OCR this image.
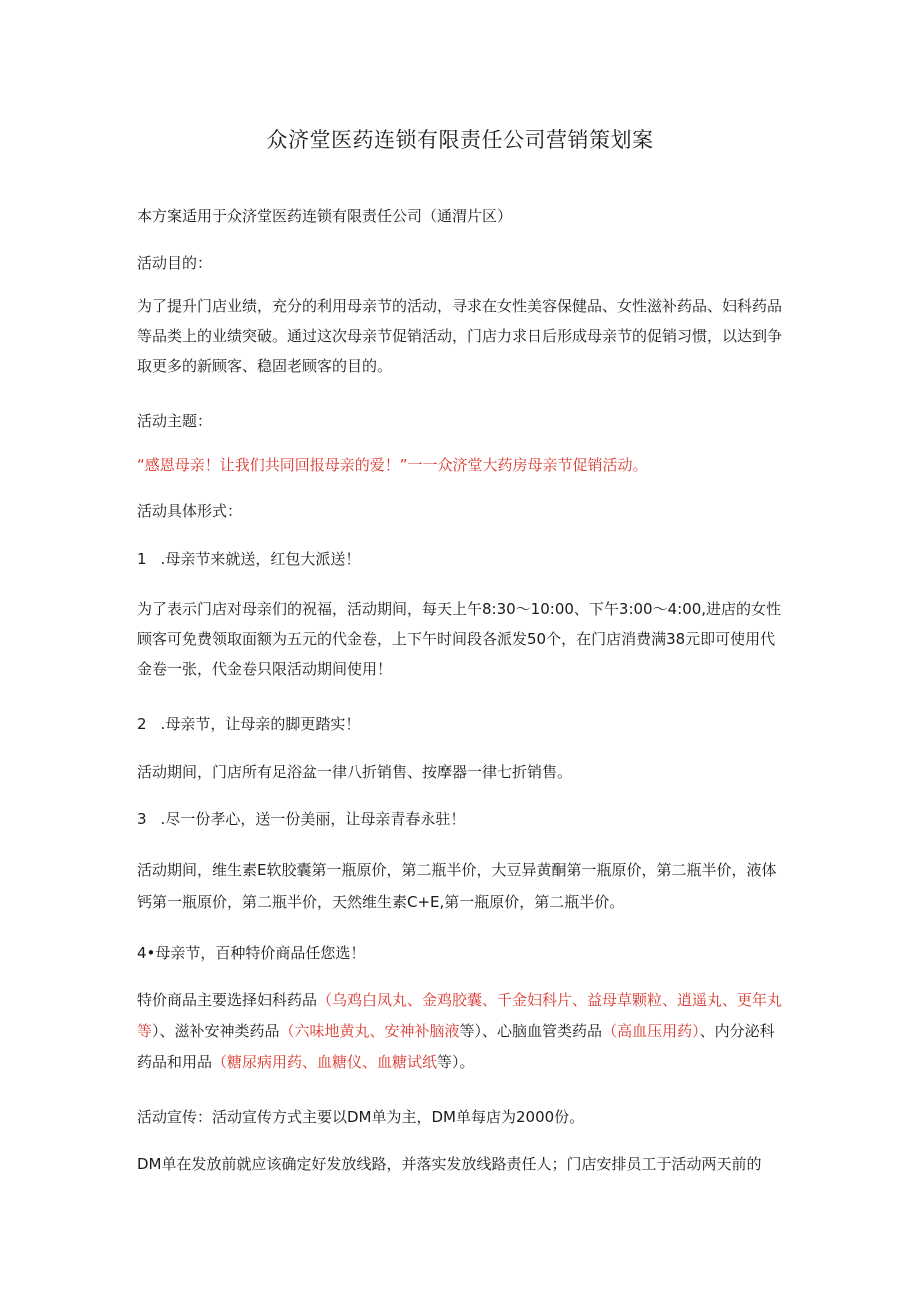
众济堂医药连锁有限责任公司营销策划案

本方案适用于众济堂医药连锁有限责任公司（通渭片区）

活动目的：

为了提升门店业绩，充分的利用母亲节的活动，寻求在女性美容保健品、女性滋补药品、妇科药品等品类上的业绩突破。通过这次母亲节促销活动，门店力求日后形成母亲节的促销习惯，以达到争取更多的新顾客、稳固老顾客的目的。

活动主题：

“感恩母亲！让我们共同回报母亲的爱！”一一众济堂大药房母亲节促销活动。

活动具体形式：

1 .母亲节来就送，红包大派送！

为了表示门店对母亲们的祝福，活动期间，每天上午8:30〜10:00、下午3:00〜4:00,进店的女性顾客可免费领取面额为五元的代金卷，上下午时间段各派发50个，在门店消费满38元即可使用代金卷一张，代金卷只限活动期间使用！

2 .母亲节，让母亲的脚更踏实！

活动期间，门店所有足浴盆一律八折销售、按摩器一律七折销售。

3 .尽一份孝心，送一份美丽，让母亲青春永驻！

活动期间，维生素E软胶囊第一瓶原价，第二瓶半价，大豆异黄酮第一瓶原价，第二瓶半价，液体钙第一瓶原价，第二瓶半价，天然维生素C+E,第一瓶原价，第二瓶半价。

4•母亲节，百种特价商品任您选！

特价商品主要选择妇科药品（乌鸡白凤丸、金鸡胶囊、千金妇科片、益母草颗粒、逍遥丸、更年丸等）、滋补安神类药品（六味地黄丸、安神补脑液等）、心脑血管类药品（高血压用药）、内分泌科药品和用品（糖尿病用药、血糖仪、血糖试纸等）。

活动宣传：活动宣传方式主要以DM单为主，DM单每店为2000份。

DM单在发放前就应该确定好发放线路，并落实发放线路责任人；门店安排员工于活动两天前的
